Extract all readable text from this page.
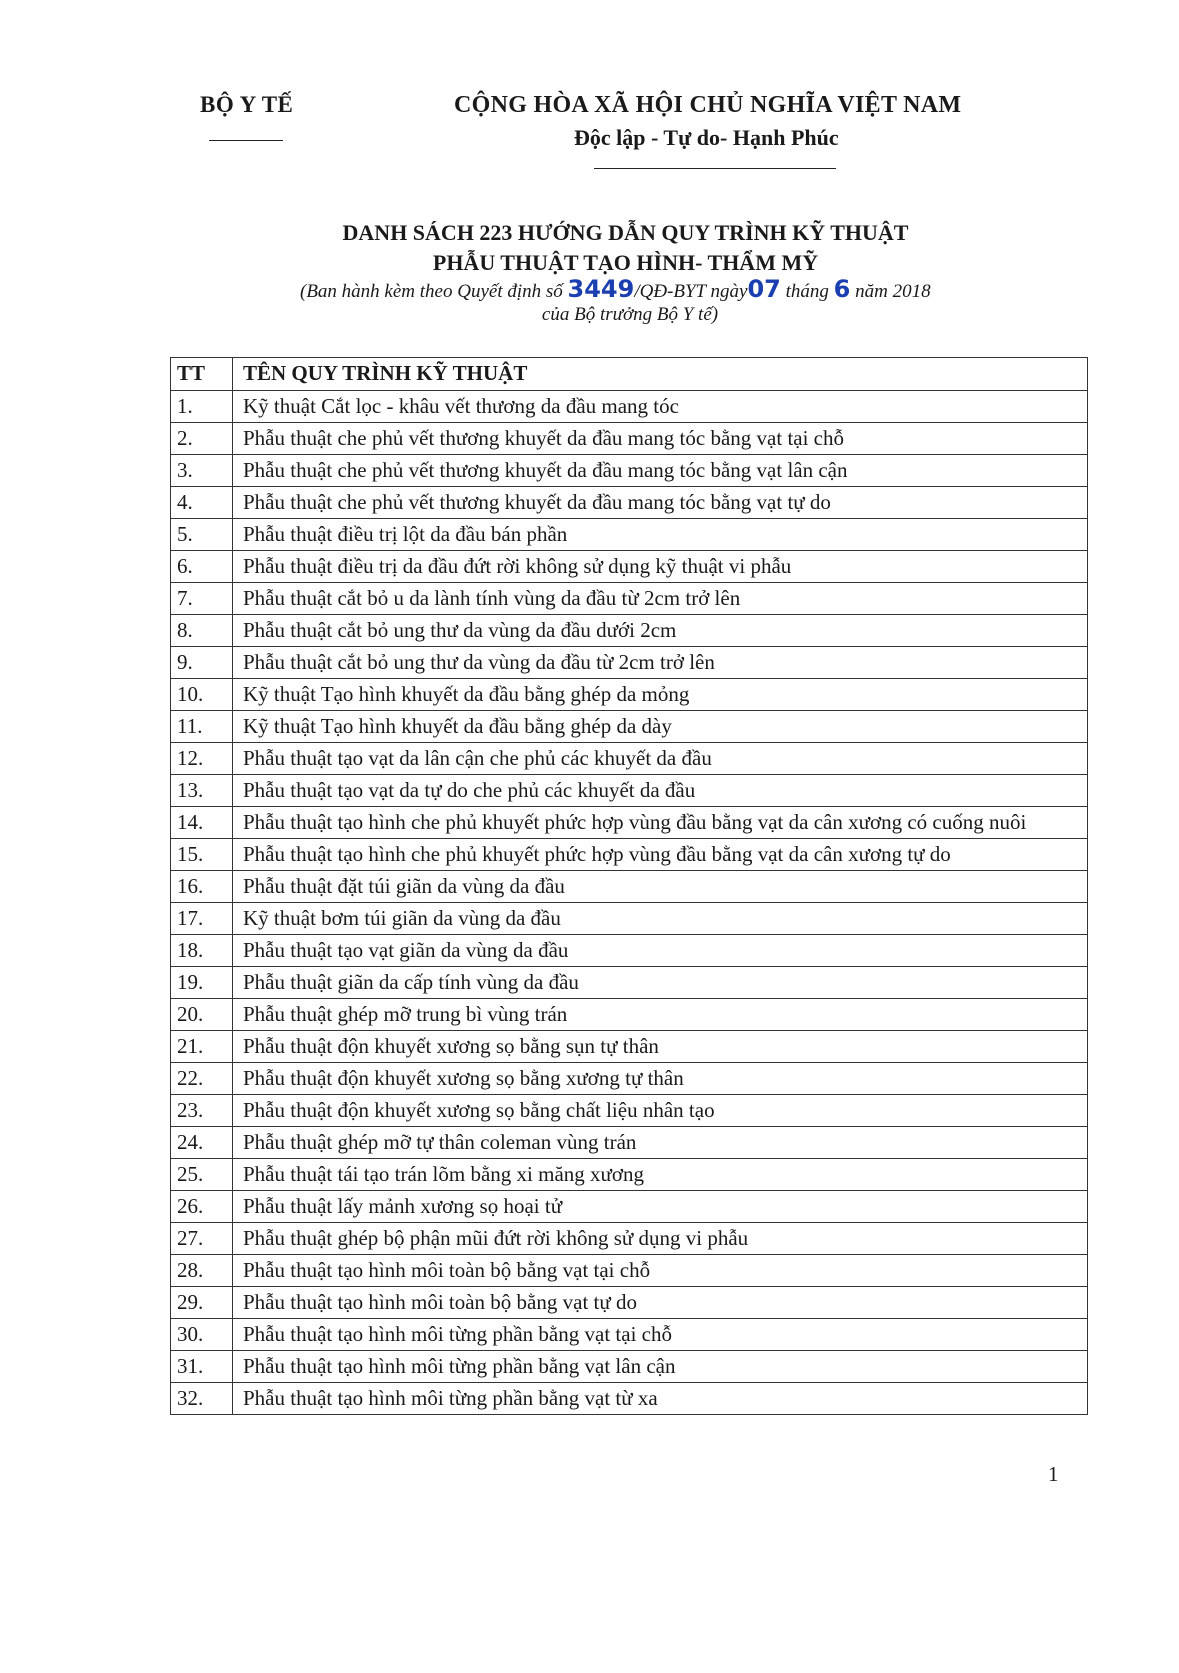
BỘ Y TẾ	CỘNG HÒA XÃ HỘI CHỦ NGHĨA VIỆT NAM
Độc lập - Tự do- Hạnh Phúc
DANH SÁCH 223 HƯỚNG DẪN QUY TRÌNH KỸ THUẬT
PHẪU THUẬT TẠO HÌNH- THẨM MỸ
(Ban hành kèm theo Quyết định số 3449/QĐ-BYT ngày07 tháng 6 năm 2018
của Bộ trưởng Bộ Y tế)
TT	TÊN QUY TRÌNH KỸ THUẬT
1.	Kỹ thuật Cắt lọc - khâu vết thương da đầu mang tóc
2.	Phẫu thuật che phủ vết thương khuyết da đầu mang tóc bằng vạt tại chỗ
3.	Phẫu thuật che phủ vết thương khuyết da đầu mang tóc bằng vạt lân cận
4.	Phẫu thuật che phủ vết thương khuyết da đầu mang tóc bằng vạt tự do
5.	Phẫu thuật điều trị lột da đầu bán phần
6.	Phẫu thuật điều trị da đầu đứt rời không sử dụng kỹ thuật vi phẫu
7.	Phẫu thuật cắt bỏ u da lành tính vùng da đầu từ 2cm trở lên
8.	Phẫu thuật cắt bỏ ung thư da vùng da đầu dưới 2cm
9.	Phẫu thuật cắt bỏ ung thư da vùng da đầu từ 2cm trở lên
10.	Kỹ thuật Tạo hình khuyết da đầu bằng ghép da mỏng
11.	Kỹ thuật Tạo hình khuyết da đầu bằng ghép da dày
12.	Phẫu thuật tạo vạt da lân cận che phủ các khuyết da đầu
13.	Phẫu thuật tạo vạt da tự do che phủ các khuyết da đầu
14.	Phẫu thuật tạo hình che phủ khuyết phức hợp vùng đầu bằng vạt da cân xương có cuống nuôi
15.	Phẫu thuật tạo hình che phủ khuyết phức hợp vùng đầu bằng vạt da cân xương tự do
16.	Phẫu thuật đặt túi giãn da vùng da đầu
17.	Kỹ thuật bơm túi giãn da vùng da đầu
18.	Phẫu thuật tạo vạt giãn da vùng da đầu
19.	Phẫu thuật giãn da cấp tính vùng da đầu
20.	Phẫu thuật ghép mỡ trung bì vùng trán
21.	Phẫu thuật độn khuyết xương sọ bằng sụn tự thân
22.	Phẫu thuật độn khuyết xương sọ bằng xương tự thân
23.	Phẫu thuật độn khuyết xương sọ bằng chất liệu nhân tạo
24.	Phẫu thuật ghép mỡ tự thân coleman vùng trán
25.	Phẫu thuật tái tạo trán lõm bằng xi măng xương
26.	Phẫu thuật lấy mảnh xương sọ hoại tử
27.	Phẫu thuật ghép bộ phận mũi đứt rời không sử dụng vi phẫu
28.	Phẫu thuật tạo hình môi toàn bộ bằng vạt tại chỗ
29.	Phẫu thuật tạo hình môi toàn bộ bằng vạt tự do
30.	Phẫu thuật tạo hình môi từng phần bằng vạt tại chỗ
31.	Phẫu thuật tạo hình môi từng phần bằng vạt lân cận
32.	Phẫu thuật tạo hình môi từng phần bằng vạt từ xa
1
